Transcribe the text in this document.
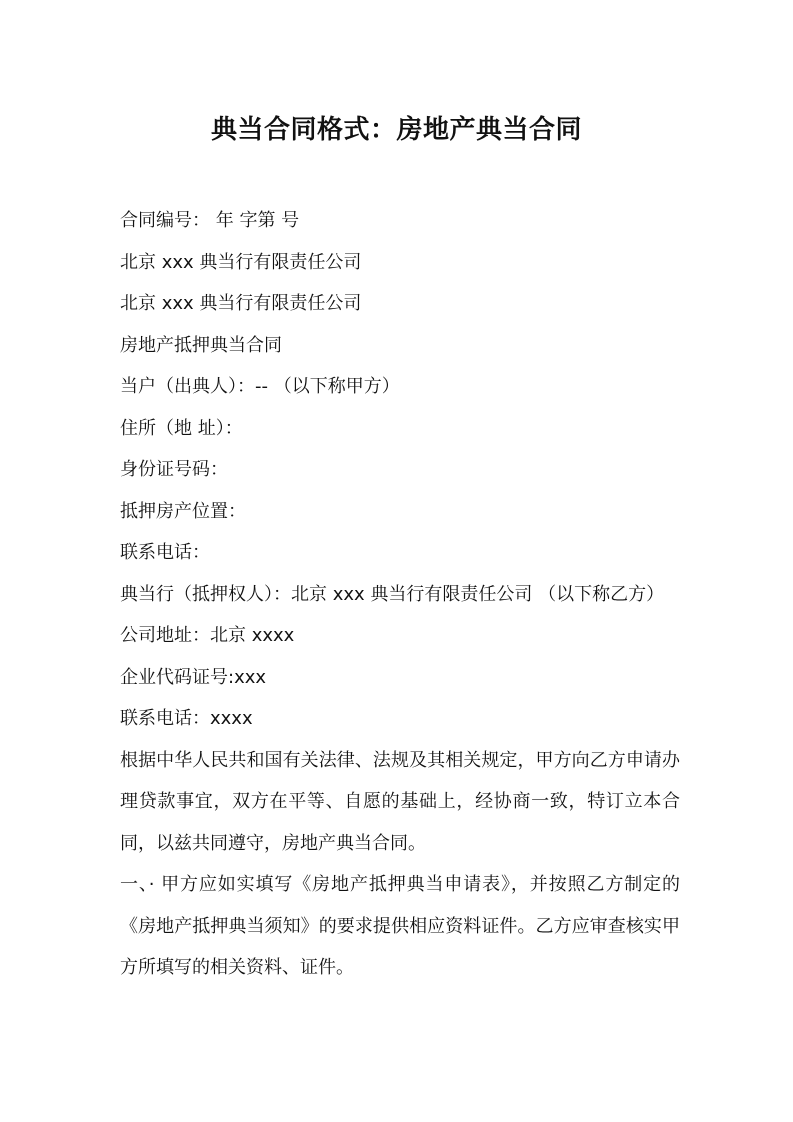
典当合同格式：房地产典当合同
合同编号： 年 字第 号
北京 xxx 典当行有限责任公司
北京 xxx 典当行有限责任公司
房地产抵押典当合同
当户（出典人）：-- （以下称甲方）
住所（地 址）：
身份证号码：
抵押房产位置：
联系电话：
典当行（抵押权人）：北京 xxx 典当行有限责任公司 （以下称乙方）
公司地址：北京 xxxx
企业代码证号:xxx
联系电话：xxxx

根据中华人民共和国有关法律、法规及其相关规定，甲方向乙方申请办理贷款事宜，双方在平等、自愿的基础上，经协商一致，特订立本合同，以兹共同遵守，房地产典当合同。

一、· 甲方应如实填写《房地产抵押典当申请表》，并按照乙方制定的《房地产抵押典当须知》的要求提供相应资料证件。乙方应审查核实甲方所填写的相关资料、证件。
